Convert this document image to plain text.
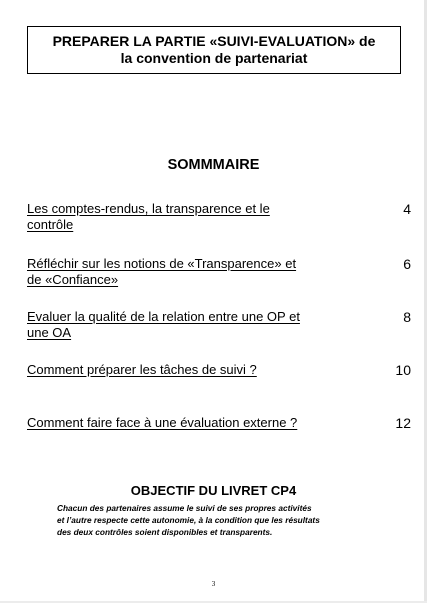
PREPARER LA PARTIE «SUIVI-EVALUATION» de
la convention de partenariat
SOMMMAIRE
Les comptes-rendus, la transparence et le
contrôle
4
Réfléchir sur les notions de «Transparence» et
de «Confiance»
6
Evaluer la qualité de la relation entre une OP et
une OA
8
Comment préparer les tâches de suivi ?	10
Comment faire face à une évaluation externe ?	12
OBJECTIF DU LIVRET CP4
Chacun des partenaires assume le suivi de ses propres activités
et l’autre respecte cette autonomie, à la condition que les résultats
des deux contrôles soient disponibles et transparents.
3
